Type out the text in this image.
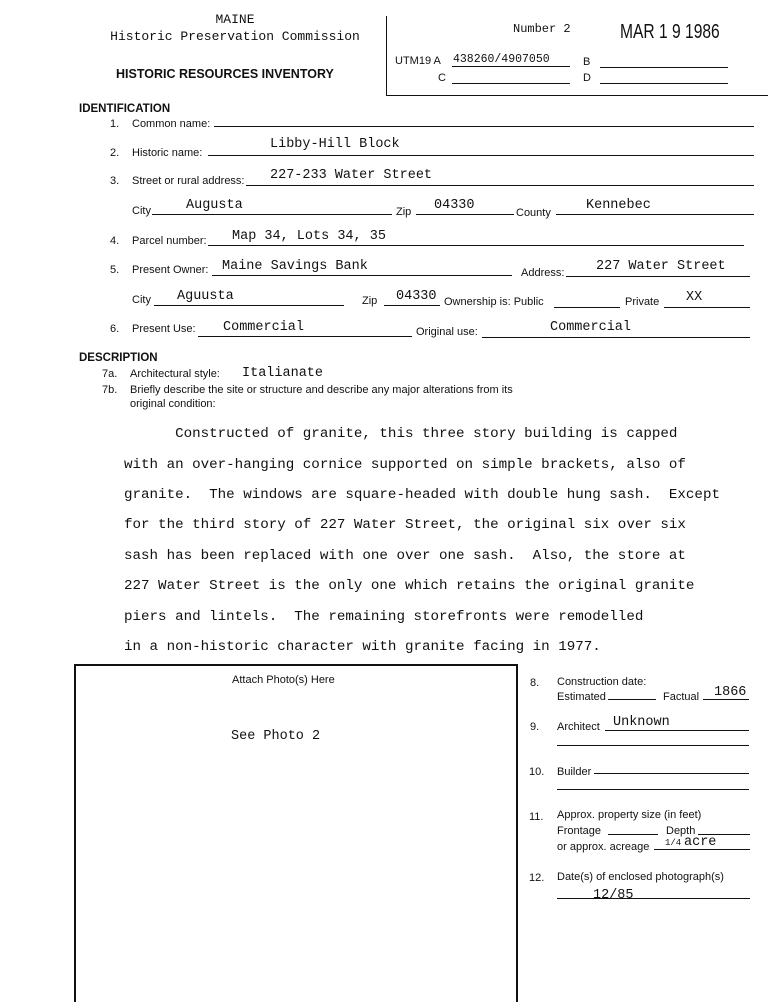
MAINE
Historic Preservation Commission
HISTORIC RESOURCES INVENTORY
Number 2 MAR 1 9 1986
UTM19 A 438260/4907050	B
C	D
IDENTIFICATION
1. Common name:
2. Historic name:
Libby-Hill Block
3. Street or rural address: 227-233 Water Street
City	Augusta	Zip 04330	County	Kennebec
4. Parcel number: Map 34, Lots 34, 35
5. Present Owner: Maine Savings Bank	Address: 227 Water Street
City Aguusta	Zip 04330 Ownership is: Public	Private XX
6. Present Use: Commercial	Original use:	Commercial
DESCRIPTION
7a. Architectural style: Italianate
7b. Briefly describe the site or structure and describe any major alterations from its
original condition:

Constructed of granite, this three story building is capped

with an over-hanging cornice supported on simple brackets, also of

granite.  The windows are square-headed with double hung sash.  Except

for the third story of 227 Water Street, the original six over six

sash has been replaced with one over one sash.  Also, the store at

227 Water Street is the only one which retains the original granite

piers and lintels.  The remaining storefronts were remodelled

in a non-historic character with granite facing in 1977.

Attach Photo(s) Here
See Photo 2
8. Construction date:
Estimated	Factual 1866
9. Architect Unknown
10. Builder
11. Approx. property size (in feet)
Frontage	Depth
or approx. acreage 1/4 acre
12. Date(s) of enclosed photograph(s)
12/85
